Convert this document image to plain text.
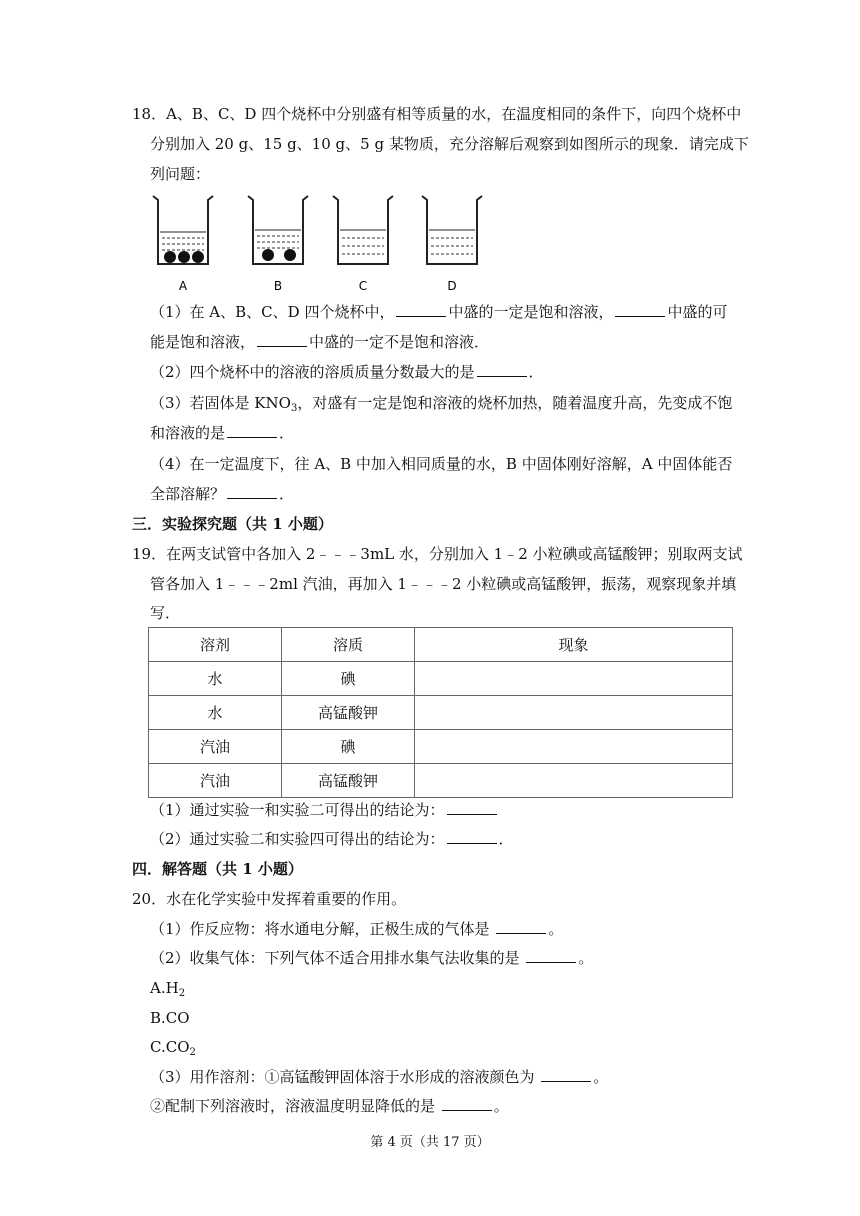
18．A、B、C、D 四个烧杯中分别盛有相等质量的水，在温度相同的条件下，向四个烧杯中
分别加入 20 g、15 g、10 g、5 g 某物质，充分溶解后观察到如图所示的现象．请完成下
列问题：
A	B	C	D
（1）在 A、B、C、D 四个烧杯中，	中盛的一定是饱和溶液，	中盛的可
能是饱和溶液，	中盛的一定不是饱和溶液．
（2）四个烧杯中的溶液的溶质质量分数最大的是	．
（3）若固体是 $KNO_3$，对盛有一定是饱和溶液的烧杯加热，随着温度升高，先变成不饱
和溶液的是	．
（4）在一定温度下，往 A、B 中加入相同质量的水，B 中固体刚好溶解，A 中固体能否
全部溶解？	．
三．实验探究题（共 1 小题）
19．在两支试管中各加入 2﹣﹣﹣3mL 水，分别加入 1﹣2 小粒碘或高锰酸钾；别取两支试
管各加入 1﹣﹣﹣2ml 汽油，再加入 1﹣﹣﹣2 小粒碘或高锰酸钾，振荡，观察现象并填
写．
溶剂	溶质	现象
水	碘	
水	高锰酸钾	
汽油	碘	
汽油	高锰酸钾	
（1）通过实验一和实验二可得出的结论为：
（2）通过实验二和实验四可得出的结论为：	．
四．解答题（共 1 小题）
20．水在化学实验中发挥着重要的作用。
（1）作反应物：将水通电分解，正极生成的气体是	。
（2）收集气体：下列气体不适合用排水集气法收集的是	。
$A.H_2$
B.CO
$C.CO_2$
（3）用作溶剂：①高锰酸钾固体溶于水形成的溶液颜色为	。
②配制下列溶液时，溶液温度明显降低的是	。
第 4 页（共 17 页）
